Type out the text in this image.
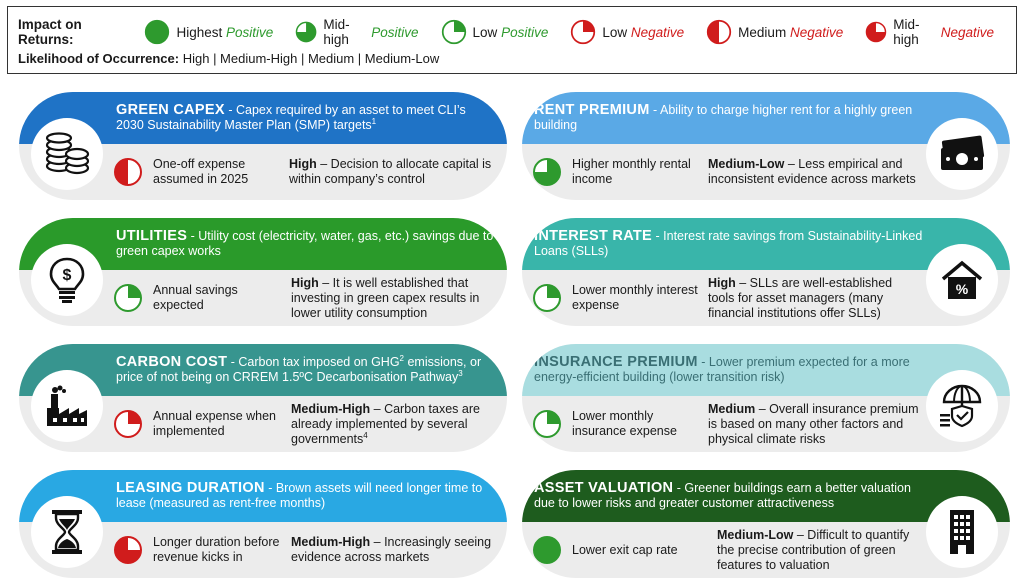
Impact on Returns:	Highest
Positive	Mid-high
	Positive	Low
Positive	Low
Negative	Medium
Negative	Mid-high
	Negative
Likelihood of Occurrence: High | Medium-High | Medium | Medium-Low
GREEN CAPEX - Capex required by an asset to meet CLI’s 2030 Sustainability Master Plan (SMP) targets$^1$
One-off expense assumed in 2025
High – Decision to allocate capital is within company’s control
RENT PREMIUM - Ability to charge higher rent for a highly green building
Higher monthly rental income
Medium-Low – Less empirical and inconsistent evidence across markets
UTILITIES - Utility cost (electricity, water, gas, etc.) savings due to green capex works
$
Annual savings expected
High – It is well established that investing in green capex results in lower utility consumption
INTEREST RATE - Interest rate savings from Sustainability-Linked Loans (SLLs)
%
Lower monthly interest expense
High – SLLs are well-established tools for asset managers (many financial institutions offer SLLs)
CARBON COST - Carbon tax imposed on GHG$^2$ emissions, or price of not being on CRREM 1.5ºC Decarbonisation Pathway$^3$
Annual expense when implemented
Medium-High – Carbon taxes are already implemented by several governments$^4$
INSURANCE PREMIUM - Lower premium expected for a more energy-efficient building (lower transition risk)
Lower monthly insurance expense
Medium – Overall insurance premium is based on many other factors and physical climate risks
LEASING DURATION - Brown assets will need longer time to lease (measured as rent-free months)
Longer duration before revenue kicks in
Medium-High – Increasingly seeing evidence across markets
ASSET VALUATION - Greener buildings earn a better valuation due to lower risks and greater customer attractiveness
Lower exit cap rate
Medium-Low – Difficult to quantify the precise contribution of green features to valuation
